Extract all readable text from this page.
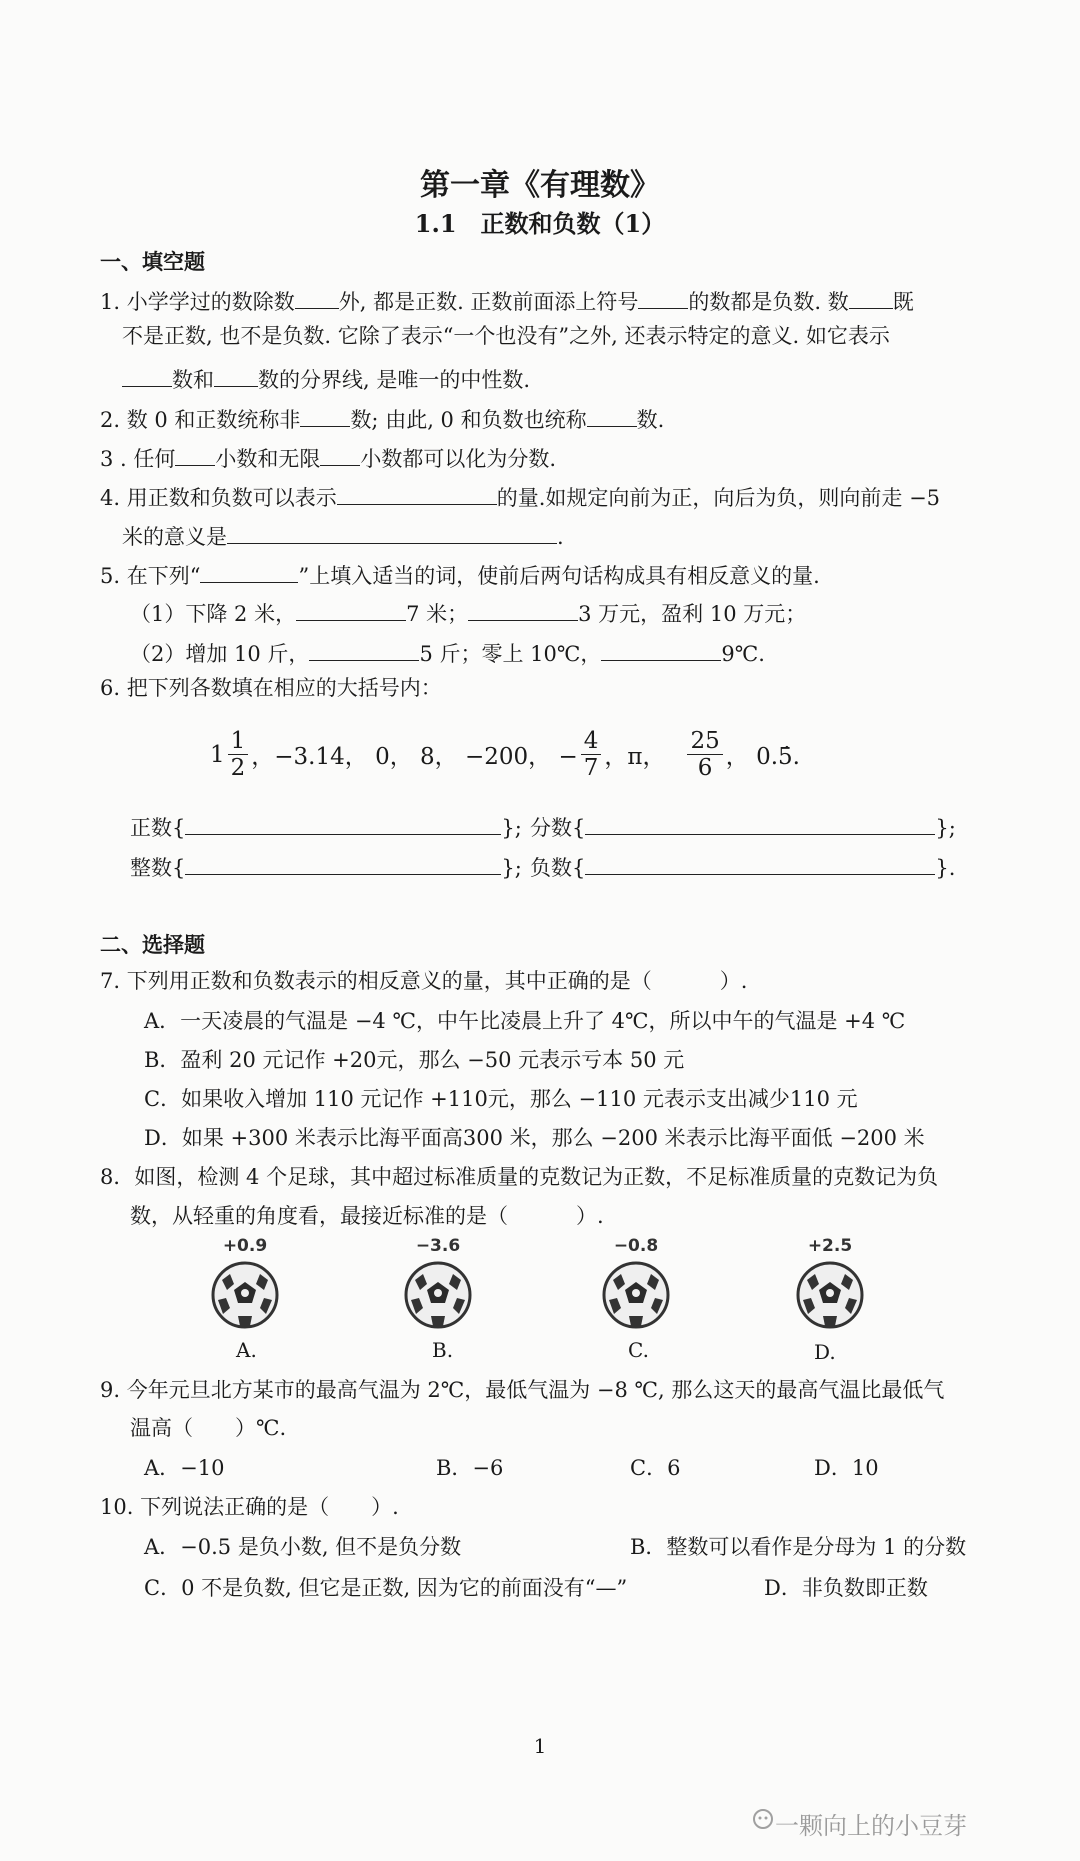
第一章《有理数》
1.1　正数和负数（1）
一、填空题
1. 小学学过的数除数 外, 都是正数. 正数前面添上符号 的数都是负数. 数 既
不是正数, 也不是负数. 它除了表示“一个也没有”之外, 还表示特定的意义. 如它表示
数和 数的分界线, 是唯一的中性数.
2. 数 0 和正数统称非 数; 由此, 0 和负数也统称 数.
3 . 任何 小数和无限 小数都可以化为分数.
4. 用正数和负数可以表示	的量.如规定向前为正，向后为负，则向前走 −5
米的意义是	.
5. 在下列“	”上填入适当的词，使前后两句话构成具有相反意义的量.
（1）下降 2 米，	7 米；	3 万元，盈利 10 万元；
（2）增加 10 斤，	5 斤；零上 10℃，	9℃.
6. 把下列各数填在相应的大括号内：
$1 \frac{1}{2}$ ，−3.14， 0， 8， −200， − $\frac{4}{7}$ ，π， $\frac{25}{6}$ ， 0.5̇.
正数{	}; 分数{	};
整数{	}; 负数{	}.
二、选择题
7. 下列用正数和负数表示的相反意义的量，其中正确的是（	）.
A．一天凌晨的气温是 −4 ℃，中午比凌晨上升了 4℃，所以中午的气温是 +4 ℃
B．盈利 20 元记作 +20元，那么 −50 元表示亏本 50 元
C．如果收入增加 110 元记作 +110元，那么 −110 元表示支出减少110 元
D．如果 +300 米表示比海平面高300 米，那么 −200 米表示比海平面低 −200 米
8．如图，检测 4 个足球，其中超过标准质量的克数记为正数，不足标准质量的克数记为负
数，从轻重的角度看，最接近标准的是（	）.
+0.9	−3.6	−0.8	+2.5
A.	B.	C.	D.
9. 今年元旦北方某市的最高气温为 2℃，最低气温为 −8 ℃, 那么这天的最高气温比最低气
温高（ ）℃.
A．−10	B．−6	C．6	D．10
10. 下列说法正确的是（ ）.
A．−0.5 是负小数, 但不是负分数	B．整数可以看作是分母为 1 的分数
C．0 不是负数, 但它是正数, 因为它的前面没有“—”	D．非负数即正数
1
一颗向上的小豆芽
